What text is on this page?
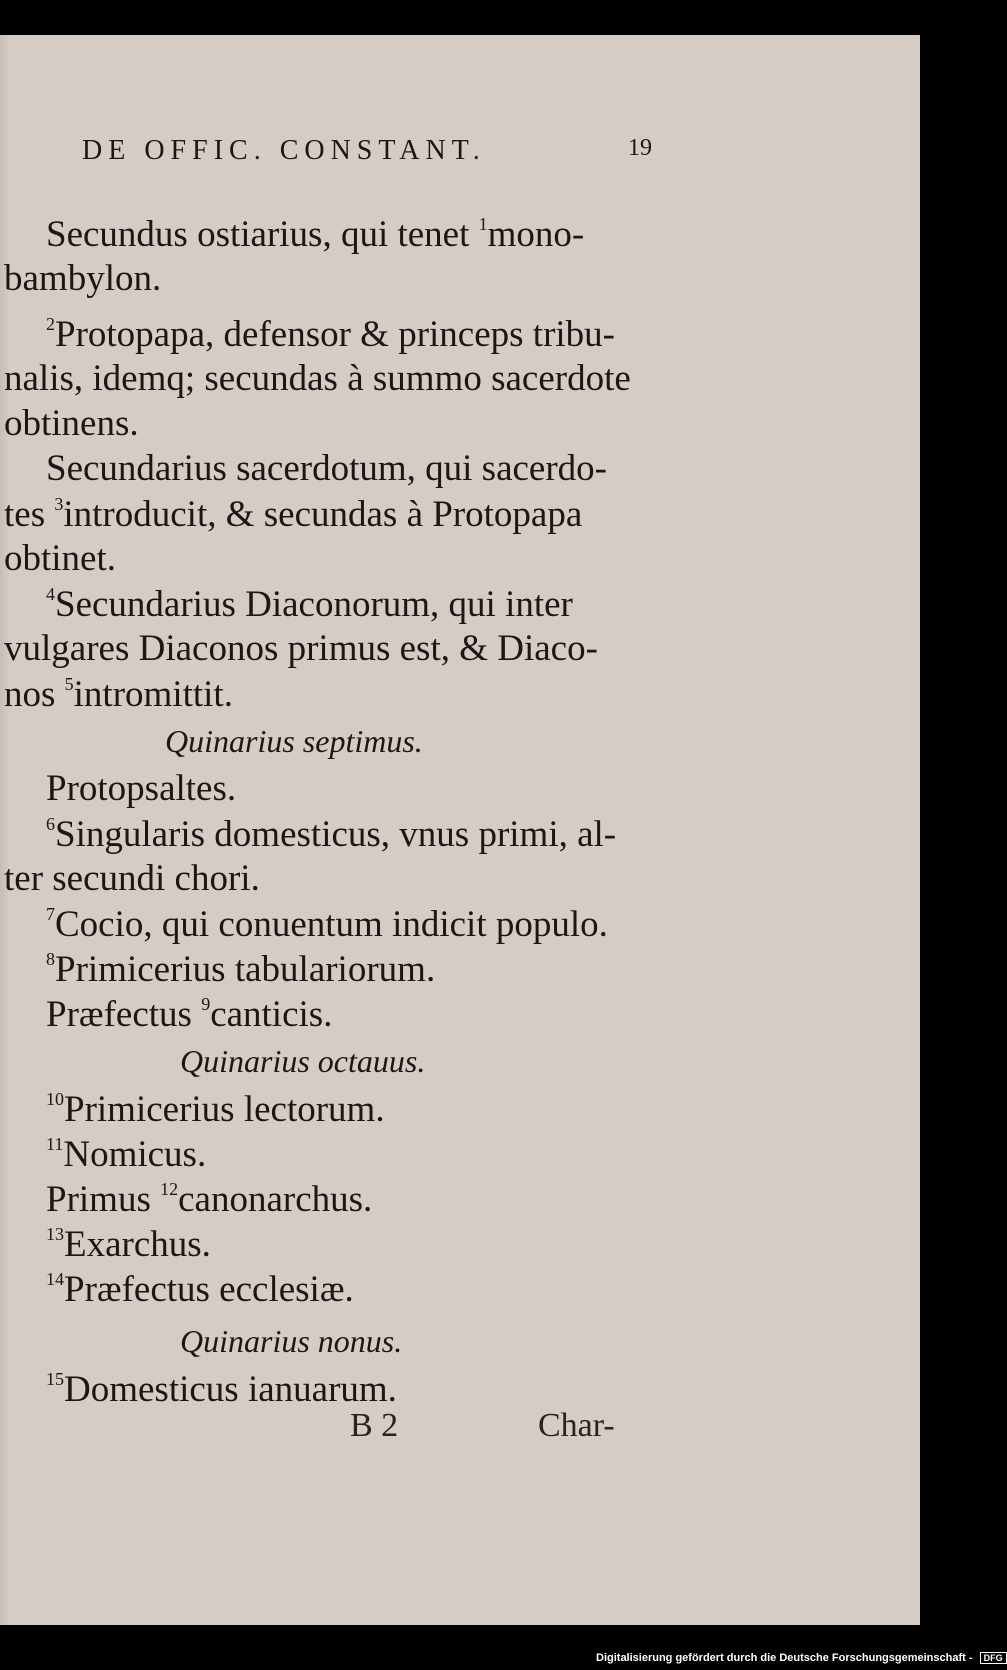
DE OFFIC. CONSTANT.	19
Secundus ostiarius, qui tenet $^1$mono-
bambylon.
$^2$Protopapa, defensor & princeps tribu-
nalis, idemq; secundas à summo sacerdote
obtinens.
Secundarius sacerdotum, qui sacerdo-
tes $^3$introducit, & secundas à Protopapa
obtinet.
$^4$Secundarius Diaconorum, qui inter
vulgares Diaconos primus est, & Diaco-
nos $^5$intromittit.
Quinarius septimus.
Protopsaltes.
$^6$Singularis domesticus, vnus primi, al-
ter secundi chori.
$^7$Cocio, qui conuentum indicit populo.
$^8$Primicerius tabulariorum.
Præfectus $^9$canticis.
Quinarius octauus.
$^{10}$Primicerius lectorum.
$^{11}$Nomicus.
Primus $^{12}$canonarchus.
$^{13}$Exarchus.
$^{14}$Præfectus ecclesiæ.
Quinarius nonus.
$^{15}$Domesticus ianuarum.
B 2	Char-
Digitalisierung gefördert durch die Deutsche Forschungsgemeinschaft - DFG
